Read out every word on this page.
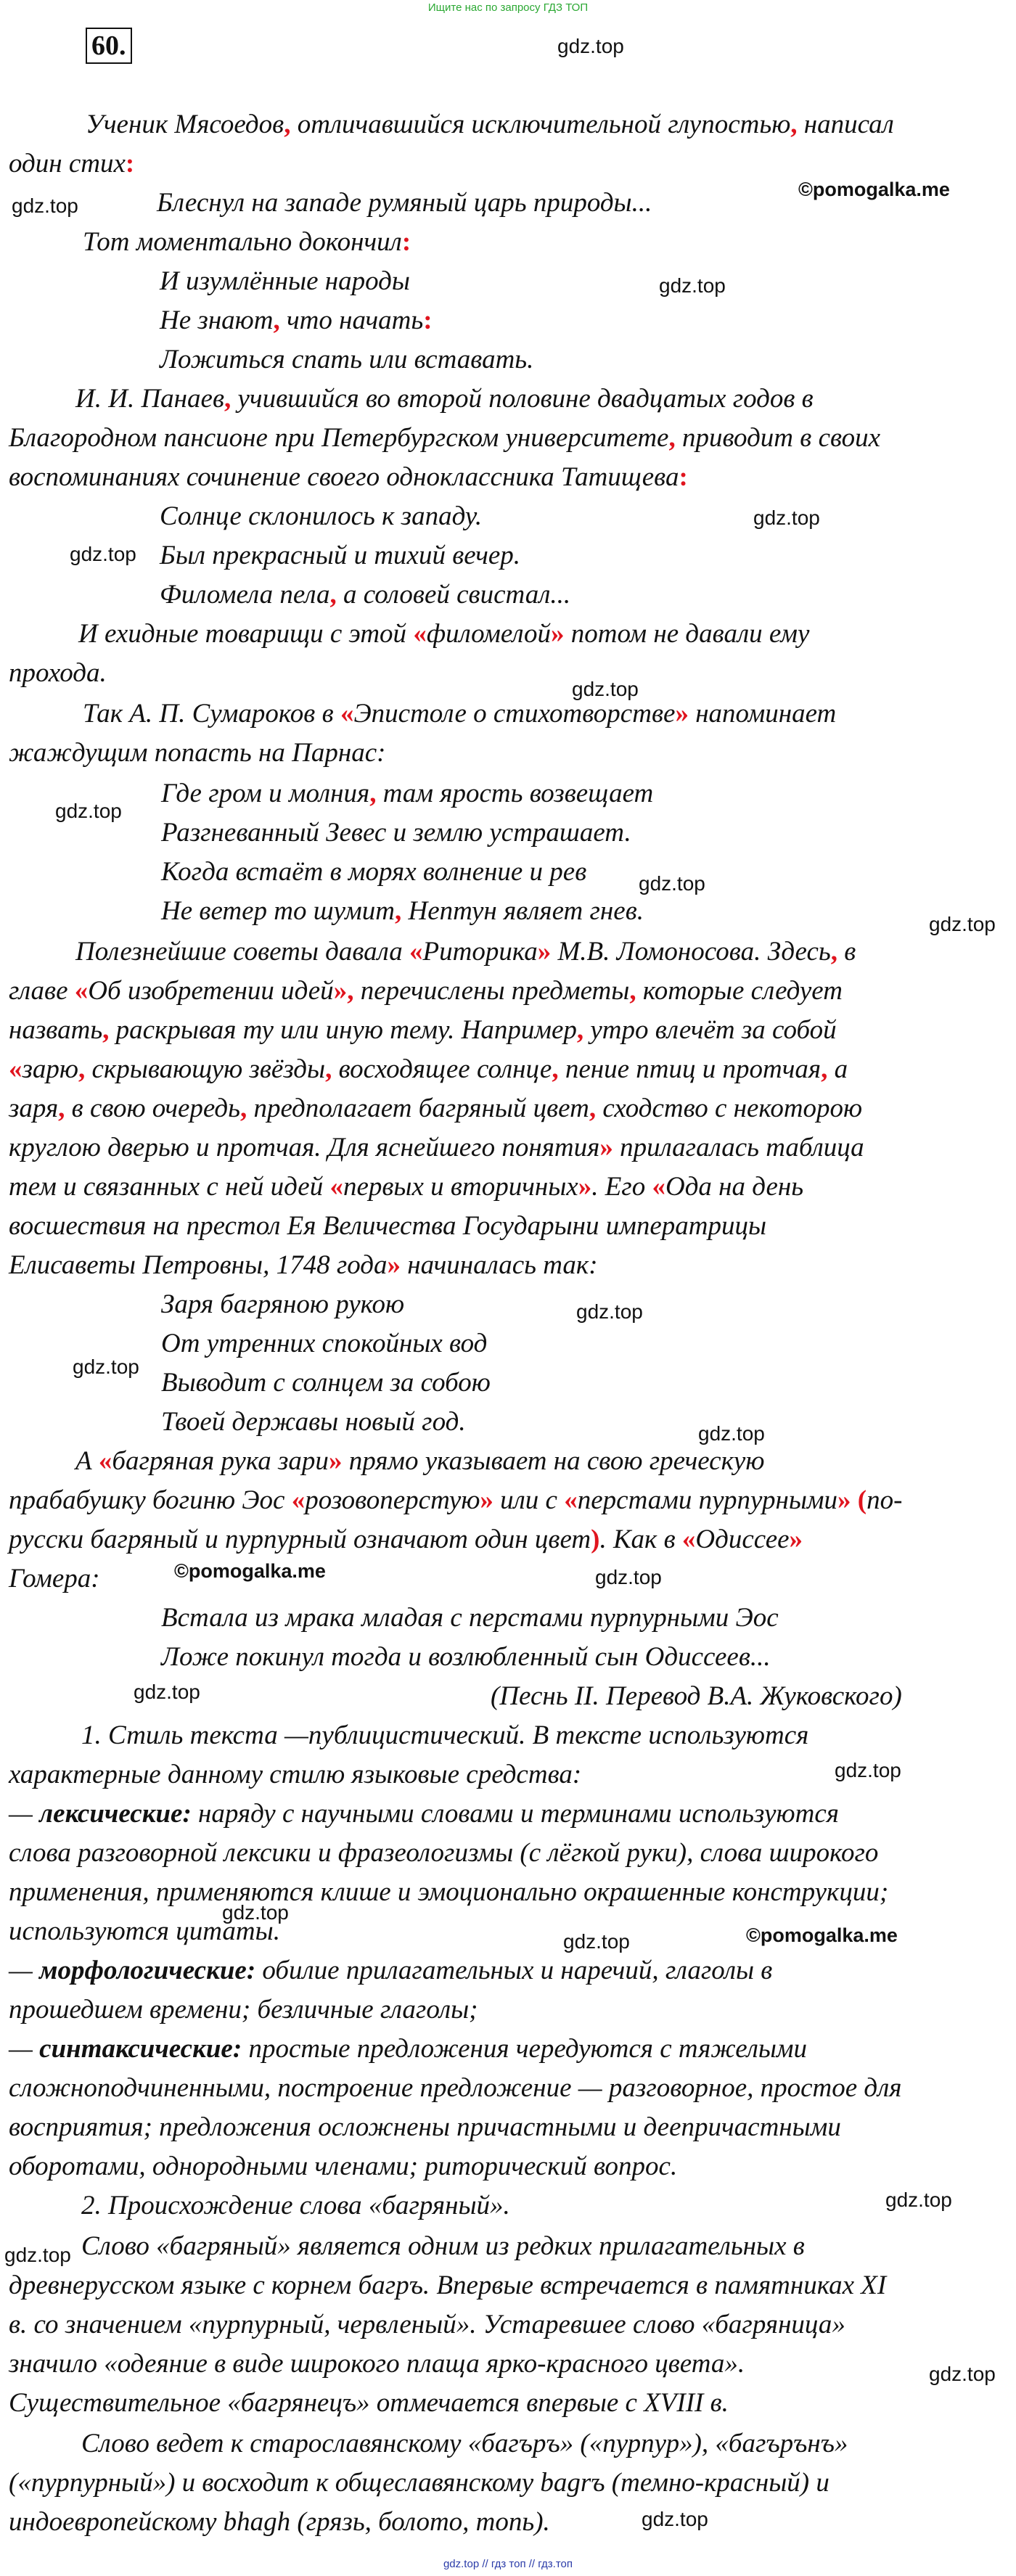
Ищите нас по запросу ГДЗ ТОП
60.
Ученик Мясоедов, отличавшийся исключительной глупостью, написал
один стих:
Блеснул на западе румяный царь природы...
Тот моментально докончил:
И изумлённые народы
Не знают, что начать:
Ложиться спать или вставать.
И. И. Панаев, учившийся во второй половине двадцатых годов в
Благородном пансионе при Петербургском университете, приводит в своих
воспоминаниях сочинение своего одноклассника Татищева:
Солнце склонилось к западу.
Был прекрасный и тихий вечер.
Филомела пела, а соловей свистал...
И ехидные товарищи с этой «филомелой» потом не давали ему
прохода.
Так А. П. Сумароков в «Эпистоле о стихотворстве» напоминает
жаждущим попасть на Парнас:
Где гром и молния, там ярость возвещает
Разгневанный Зевес и землю устрашает.
Когда встаёт в морях волнение и рев
Не ветер то шумит, Нептун являет гнев.
Полезнейшие советы давала «Риторика» М.В. Ломоносова. Здесь, в
главе «Об изобретении идей», перечислены предметы, которые следует
назвать, раскрывая ту или иную тему. Например, утро влечёт за собой
«зарю, скрывающую звёзды, восходящее солнце, пение птиц и протчая, а
заря, в свою очередь, предполагает багряный цвет, сходство с некоторою
круглою дверью и протчая. Для яснейшего понятия» прилагалась таблица
тем и связанных с ней идей «первых и вторичных». Его «Ода на день
восшествия на престол Ея Величества Государыни императрицы
Елисаветы Петровны, 1748 года» начиналась так:
Заря багряною рукою
От утренних спокойных вод
Выводит с солнцем за собою
Твоей державы новый год.
А «багряная рука зари» прямо указывает на свою греческую
прабабушку богиню Эос «розовоперстую» или с «перстами пурпурными» (по-
русски багряный и пурпурный означают один цвет). Как в «Одиссее»
Гомера:
Встала из мрака младая с перстами пурпурными Эос
Ложе покинул тогда и возлюбленный сын Одиссеев...
(Песнь II. Перевод В.А. Жуковского)
1. Стиль текста —публицистический. В тексте используются
характерные данному стилю языковые средства:
— лексические: наряду с научными словами и терминами используются
слова разговорной лексики и фразеологизмы (с лёгкой руки), слова широкого
применения, применяются клише и эмоционально окрашенные конструкции;
используются цитаты.
— морфологические: обилие прилагательных и наречий, глаголы в
прошедшем времени; безличные глаголы;
— синтаксические: простые предложения чередуются с тяжелыми
сложноподчиненными, построение предложение — разговорное, простое для
восприятия; предложения осложнены причастными и деепричастными
оборотами, однородными членами; риторический вопрос.
2. Происхождение слова «багряный».
Слово «багряный» является одним из редких прилагательных в
древнерусском языке с корнем багръ. Впервые встречается в памятниках XI
в. со значением «пурпурный, червленый». Устаревшее слово «багряница»
значило «одеяние в виде широкого плаща ярко-красного цвета».
Существительное «багрянецъ» отмечается впервые с XVIII в.
Слово ведет к старославянскому «багъръ» («пурпур»), «багърънъ»
(«пурпурный») и восходит к общеславянскому bagrъ (темно-красный) и
индоевропейскому bhagh (грязь, болото, топь).
gdz.top
gdz.top
©pomogalka.me
gdz.top
gdz.top
gdz.top
gdz.top
gdz.top
gdz.top
gdz.top
gdz.top
gdz.top
gdz.top
©pomogalka.me	gdz.top
gdz.top
gdz.top
gdz.top
gdz.top	©pomogalka.me
gdz.top
gdz.top
gdz.top
gdz.top
gdz.top // гдз топ // гдз.топ
